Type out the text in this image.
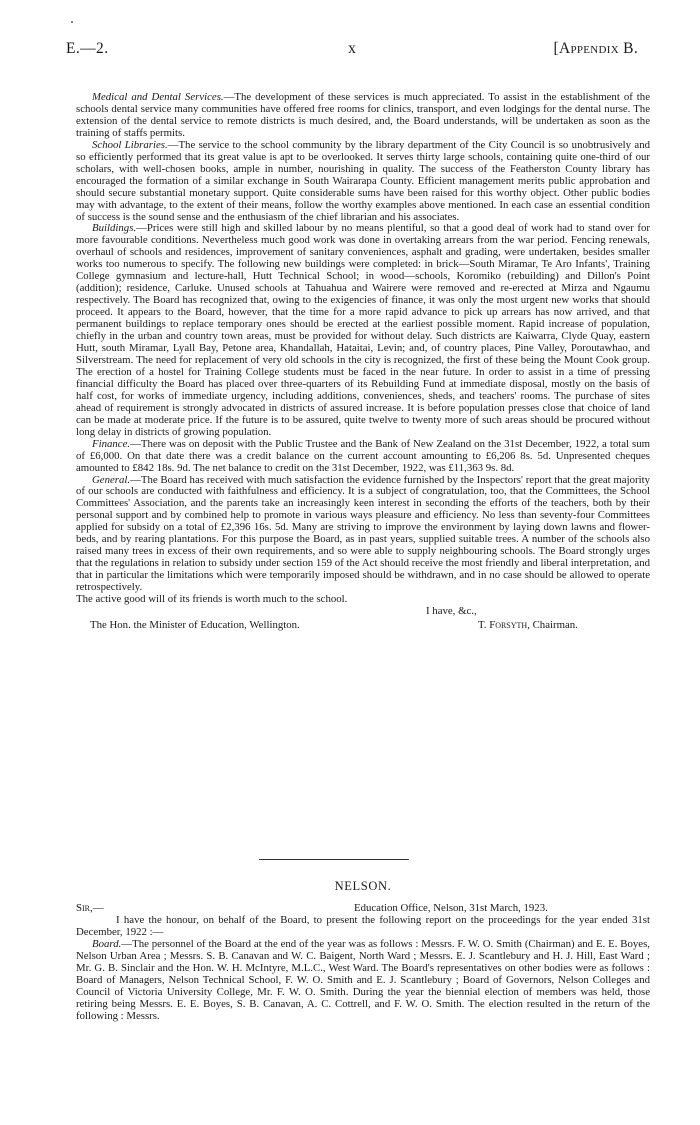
E.—2.	x	[Appendix B.

Medical and Dental Services.—The development of these services is much appreciated. To assist in the establishment of the schools dental service many communities have offered free rooms for clinics, transport, and even lodgings for the dental nurse. The extension of the dental service to remote districts is much desired, and, the Board understands, will be undertaken as soon as the training of staffs permits.

School Libraries.—The service to the school community by the library department of the City Council is so unobtrusively and so efficiently performed that its great value is apt to be overlooked. It serves thirty large schools, containing quite one-third of our scholars, with well-chosen books, ample in number, nourishing in quality. The success of the Featherston County library has encouraged the formation of a similar exchange in South Wairarapa County. Efficient management merits public approbation and should secure substantial monetary support. Quite considerable sums have been raised for this worthy object. Other public bodies may with advantage, to the extent of their means, follow the worthy examples above mentioned. In each case an essential condition of success is the sound sense and the enthusiasm of the chief librarian and his associates.

Buildings.—Prices were still high and skilled labour by no means plentiful, so that a good deal of work had to stand over for more favourable conditions. Nevertheless much good work was done in overtaking arrears from the war period. Fencing renewals, overhaul of schools and residences, improvement of sanitary conveniences, asphalt and grading, were undertaken, besides smaller works too numerous to specify. The following new buildings were completed: in brick—South Miramar, Te Aro Infants', Training College gymnasium and lecture-hall, Hutt Technical School; in wood—schools, Koromiko (rebuilding) and Dillon's Point (addition); residence, Carluke. Unused schools at Tahuahua and Wairere were removed and re-erected at Mirza and Ngaumu respectively. The Board has recognized that, owing to the exigencies of finance, it was only the most urgent new works that should proceed. It appears to the Board, however, that the time for a more rapid advance to pick up arrears has now arrived, and that permanent buildings to replace temporary ones should be erected at the earliest possible moment. Rapid increase of population, chiefly in the urban and country town areas, must be provided for without delay. Such districts are Kaiwarra, Clyde Quay, eastern Hutt, south Miramar, Lyall Bay, Petone area, Khandallah, Hataitai, Levin; and, of country places, Pine Valley, Poroutawhao, and Silverstream. The need for replacement of very old schools in the city is recognized, the first of these being the Mount Cook group. The erection of a hostel for Training College students must be faced in the near future. In order to assist in a time of pressing financial difficulty the Board has placed over three-quarters of its Rebuilding Fund at immediate disposal, mostly on the basis of half cost, for works of immediate urgency, including additions, conveniences, sheds, and teachers' rooms. The purchase of sites ahead of requirement is strongly advocated in districts of assured increase. It is before population presses close that choice of land can be made at moderate price. If the future is to be assured, quite twelve to twenty more of such areas should be procured without long delay in districts of growing population.

Finance.—There was on deposit with the Public Trustee and the Bank of New Zealand on the 31st December, 1922, a total sum of £6,000. On that date there was a credit balance on the current account amounting to £6,206 8s. 5d. Unpresented cheques amounted to £842 18s. 9d. The net balance to credit on the 31st December, 1922, was £11,363 9s. 8d.

General.—The Board has received with much satisfaction the evidence furnished by the Inspectors' report that the great majority of our schools are conducted with faithfulness and efficiency. It is a subject of congratulation, too, that the Committees, the School Committees' Association, and the parents take an increasingly keen interest in seconding the efforts of the teachers, both by their personal support and by combined help to promote in various ways pleasure and efficiency. No less than seventy-four Committees applied for subsidy on a total of £2,396 16s. 5d. Many are striving to improve the environment by laying down lawns and flower-beds, and by rearing plantations. For this purpose the Board, as in past years, supplied suitable trees. A number of the schools also raised many trees in excess of their own requirements, and so were able to supply neighbouring schools. The Board strongly urges that the regulations in relation to subsidy under section 159 of the Act should receive the most friendly and liberal interpretation, and that in particular the limitations which were temporarily imposed should be withdrawn, and in no case should be allowed to operate retrospectively.

The active good will of its friends is worth much to the school.

I have, &c.,
The Hon. the Minister of Education, Wellington.	T. Forsyth, Chairman.
NELSON.
Sir,—	Education Office, Nelson, 31st March, 1923.

I have the honour, on behalf of the Board, to present the following report on the proceedings for the year ended 31st December, 1922 :—

Board.—The personnel of the Board at the end of the year was as follows : Messrs. F. W. O. Smith (Chairman) and E. E. Boyes, Nelson Urban Area ; Messrs. S. B. Canavan and W. C. Baigent, North Ward ; Messrs. E. J. Scantlebury and H. J. Hill, East Ward ; Mr. G. B. Sinclair and the Hon. W. H. McIntyre, M.L.C., West Ward. The Board's representatives on other bodies were as follows : Board of Managers, Nelson Technical School, F. W. O. Smith and E. J. Scantlebury ; Board of Governors, Nelson Colleges and Council of Victoria University College, Mr. F. W. O. Smith. During the year the biennial election of members was held, those retiring being Messrs. E. E. Boyes, S. B. Canavan, A. C. Cottrell, and F. W. O. Smith. The election resulted in the return of the following : Messrs.
